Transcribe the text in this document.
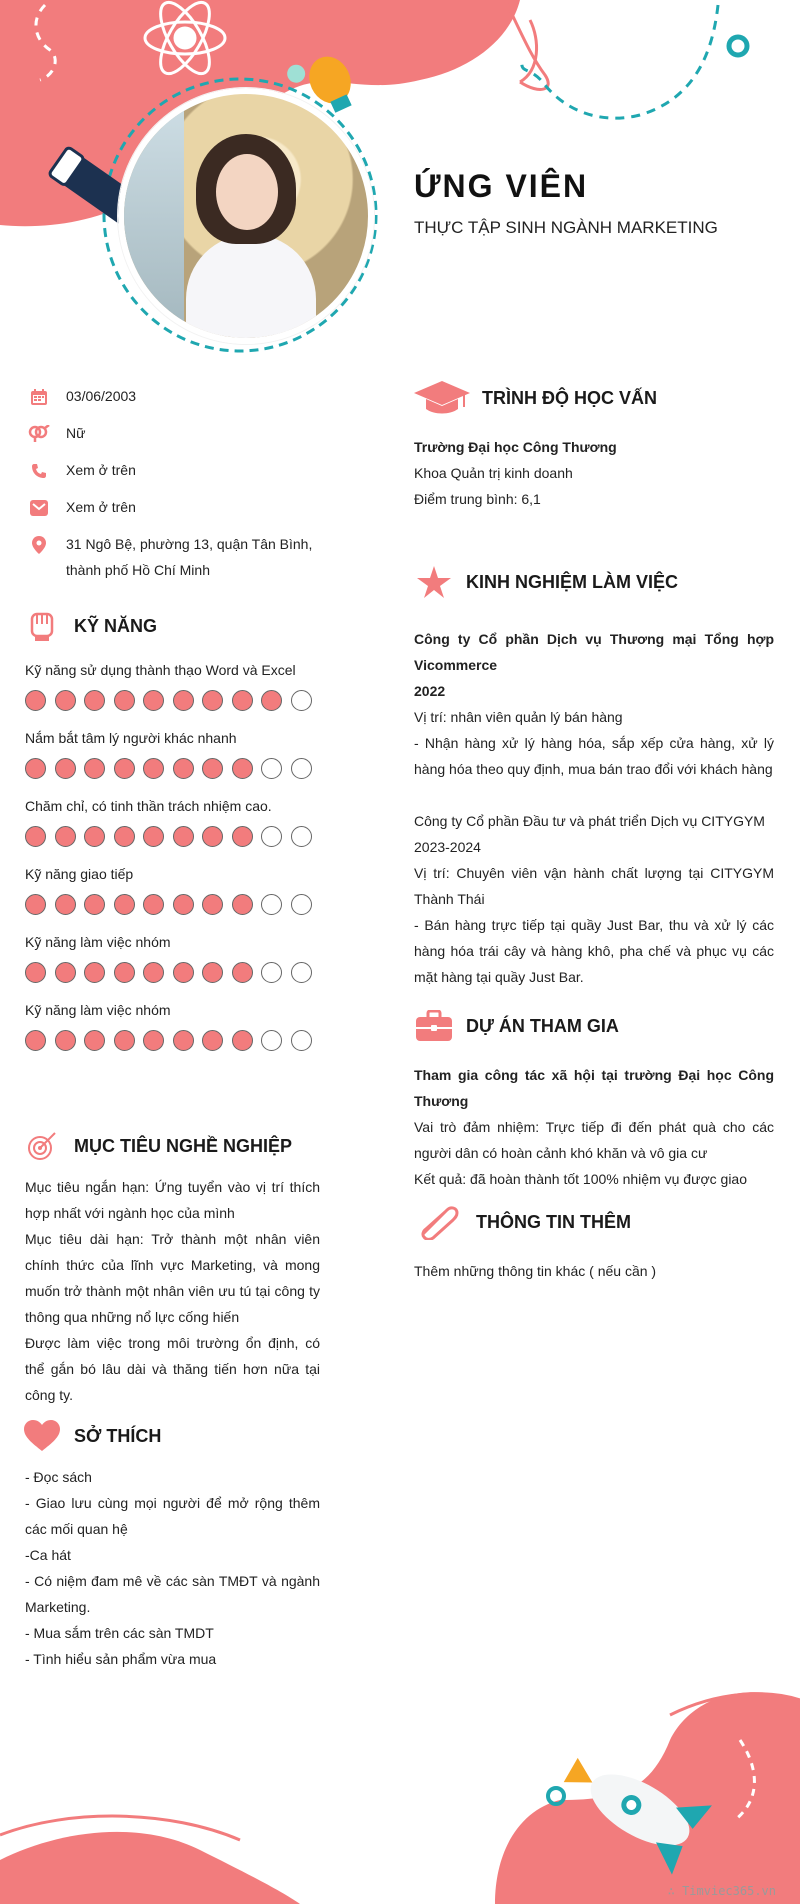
ỨNG VIÊN

THỰC TẬP SINH NGÀNH MARKETING

03/06/2003
Nữ
Xem ở trên
Xem ở trên
31 Ngô Bệ, phường 13, quận Tân Bình, thành phố Hồ Chí Minh
KỸ NĂNG

Kỹ năng sử dụng thành thạo Word và Excel

Nắm bắt tâm lý người khác nhanh

Chăm chỉ, có tinh thần trách nhiệm cao.

Kỹ năng giao tiếp

Kỹ năng làm việc nhóm

Kỹ năng làm việc nhóm

MỤC TIÊU NGHỀ NGHIỆP

Mục tiêu ngắn hạn: Ứng tuyển vào vị trí thích hợp nhất với ngành học của mình

Mục tiêu dài hạn: Trở thành một nhân viên chính thức của lĩnh vực Marketing, và mong muốn trở thành một nhân viên ưu tú tại công ty thông qua những nổ lực cống hiến

Được làm việc trong môi trường ổn định, có thể gắn bó lâu dài và thăng tiến hơn nữa tại công ty.

SỞ THÍCH

- Đọc sách

- Giao lưu cùng mọi người để mở rộng thêm các mối quan hệ

-Ca hát

- Có niệm đam mê về các sàn TMĐT và ngành Marketing.

- Mua sắm trên các sàn TMDT

- Tình hiểu sản phẩm vừa mua

TRÌNH ĐỘ HỌC VẤN

Trường Đại học Công Thương

Khoa Quản trị kinh doanh

Điểm trung bình: 6,1

KINH NGHIỆM LÀM VIỆC

Công ty Cổ phần Dịch vụ Thương mại Tổng hợp Vicommerce

2022

Vị trí: nhân viên quản lý bán hàng

- Nhận hàng xử lý hàng hóa, sắp xếp cửa hàng, xử lý hàng hóa theo quy định, mua bán trao đổi với khách hàng

Công ty Cổ phần Đầu tư và phát triển Dịch vụ CITYGYM

2023-2024

Vị trí: Chuyên viên vận hành chất lượng tại CITYGYM Thành Thái

- Bán hàng trực tiếp tại quầy Just Bar, thu và xử lý các hàng hóa trái cây và hàng khô, pha chế và phục vụ các mặt hàng tại quầy Just Bar.

DỰ ÁN THAM GIA

Tham gia công tác xã hội tại trường Đại học Công Thương

Vai trò đảm nhiệm: Trực tiếp đi đến phát quà cho các người dân có hoàn cảnh khó khăn và vô gia cư

Kết quả: đã hoàn thành tốt 100% nhiệm vụ được giao

THÔNG TIN THÊM

Thêm những thông tin khác ( nếu cần )

∴ Timviec365.vn
